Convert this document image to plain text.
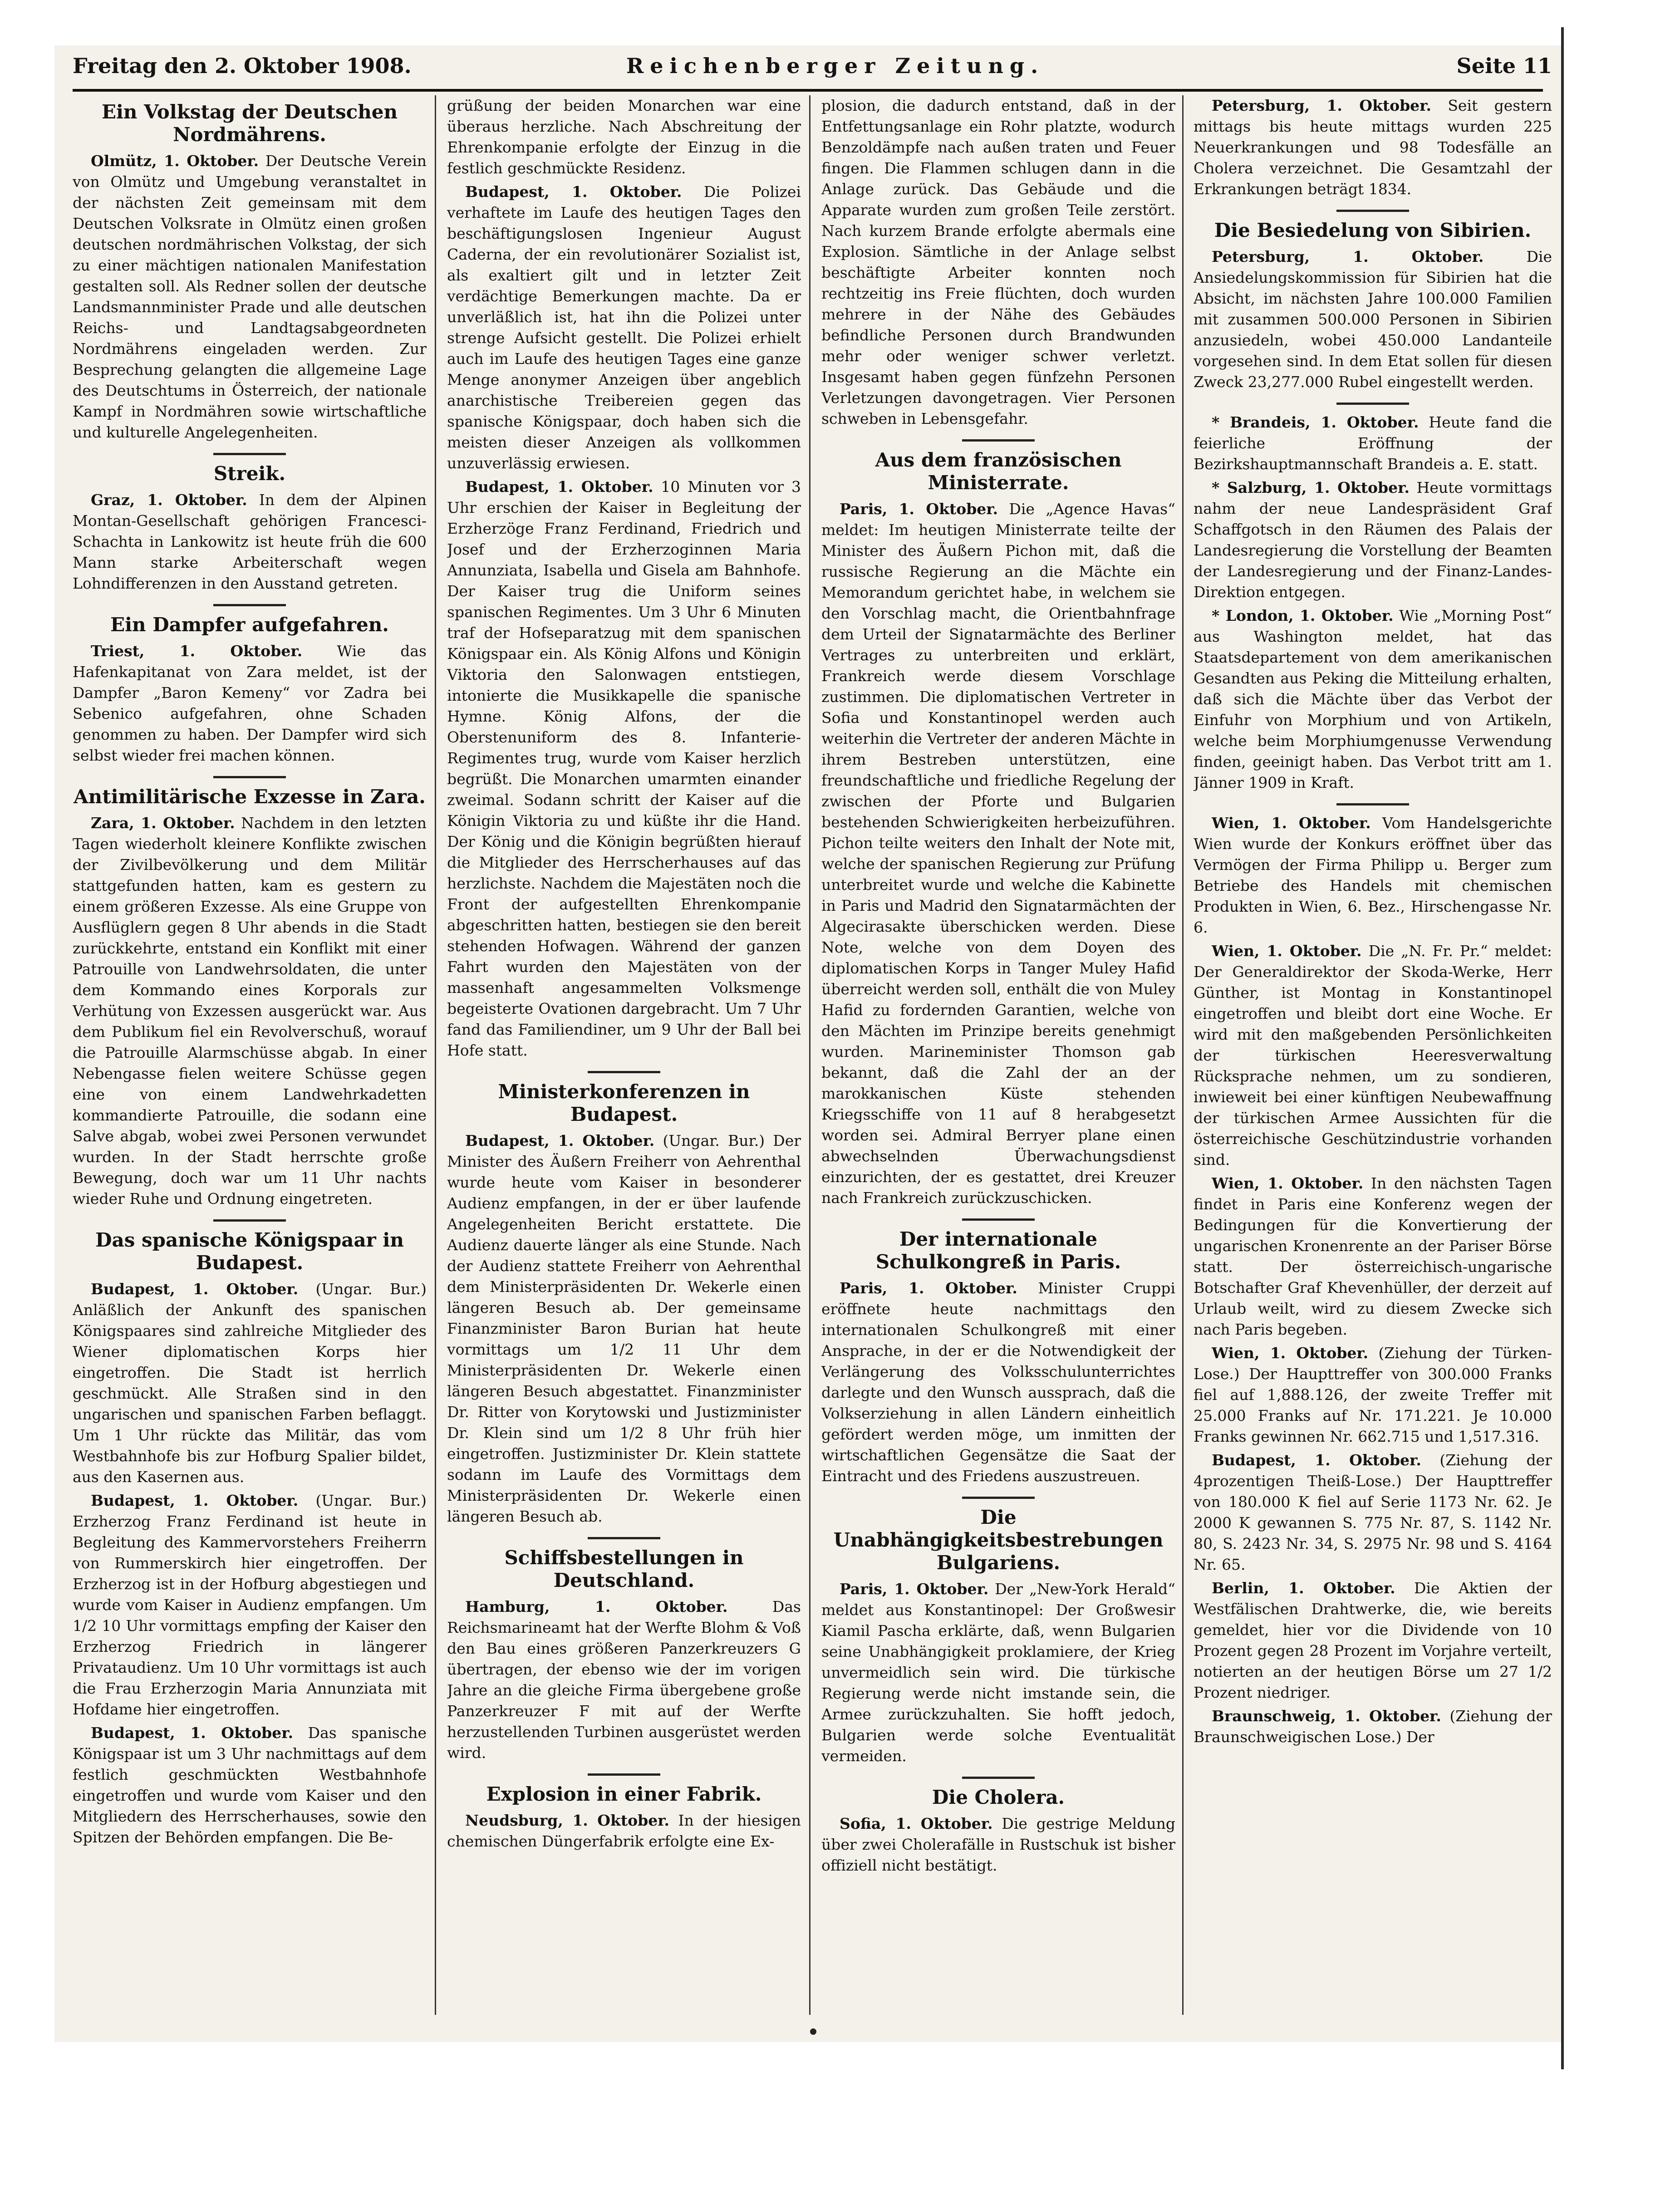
Freitag den 2. Oktober 1908.	Reichenberger Zeitung.	Seite 11
Ein Volkstag der Deutschen Nordmährens.

Olmütz, 1. Oktober. Der Deutsche Verein von Olmütz und Umgebung veranstaltet in der nächsten Zeit gemeinsam mit dem Deutschen Volksrate in Olmütz einen großen deutschen nordmährischen Volkstag, der sich zu einer mächtigen nationalen Manifestation gestalten soll. Als Redner sollen der deutsche Landsmannminister Prade und alle deutschen Reichs- und Landtagsabgeordneten Nordmährens eingeladen werden. Zur Besprechung gelangten die allgemeine Lage des Deutschtums in Österreich, der nationale Kampf in Nordmähren sowie wirtschaftliche und kulturelle Angelegenheiten.

Streik.

Graz, 1. Oktober. In dem der Alpinen Montan-Gesellschaft gehörigen Francesci-Schachta in Lankowitz ist heute früh die 600 Mann starke Arbeiterschaft wegen Lohndifferenzen in den Ausstand getreten.

Ein Dampfer aufgefahren.

Triest, 1. Oktober. Wie das Hafenkapitanat von Zara meldet, ist der Dampfer „Baron Kemeny“ vor Zadra bei Sebenico aufgefahren, ohne Schaden genommen zu haben. Der Dampfer wird sich selbst wieder frei machen können.

Antimilitärische Exzesse in Zara.

Zara, 1. Oktober. Nachdem in den letzten Tagen wiederholt kleinere Konflikte zwischen der Zivilbevölkerung und dem Militär stattgefunden hatten, kam es gestern zu einem größeren Exzesse. Als eine Gruppe von Ausflüglern gegen 8 Uhr abends in die Stadt zurückkehrte, entstand ein Konflikt mit einer Patrouille von Landwehrsoldaten, die unter dem Kommando eines Korporals zur Verhütung von Exzessen ausgerückt war. Aus dem Publikum fiel ein Revolverschuß, worauf die Patrouille Alarmschüsse abgab. In einer Nebengasse fielen weitere Schüsse gegen eine von einem Landwehrkadetten kommandierte Patrouille, die sodann eine Salve abgab, wobei zwei Personen verwundet wurden. In der Stadt herrschte große Bewegung, doch war um 11 Uhr nachts wieder Ruhe und Ordnung eingetreten.

Das spanische Königspaar in Budapest.

Budapest, 1. Oktober. (Ungar. Bur.) Anläßlich der Ankunft des spanischen Königspaares sind zahlreiche Mitglieder des Wiener diplomatischen Korps hier eingetroffen. Die Stadt ist herrlich geschmückt. Alle Straßen sind in den ungarischen und spanischen Farben beflaggt. Um 1 Uhr rückte das Militär, das vom Westbahnhofe bis zur Hofburg Spalier bildet, aus den Kasernen aus.

Budapest, 1. Oktober. (Ungar. Bur.) Erzherzog Franz Ferdinand ist heute in Begleitung des Kammervorstehers Freiherrn von Rummerskirch hier eingetroffen. Der Erzherzog ist in der Hofburg abgestiegen und wurde vom Kaiser in Audienz empfangen. Um 1/2 10 Uhr vormittags empfing der Kaiser den Erzherzog Friedrich in längerer Privataudienz. Um 10 Uhr vormittags ist auch die Frau Erzherzogin Maria Annunziata mit Hofdame hier eingetroffen.

Budapest, 1. Oktober. Das spanische Königspaar ist um 3 Uhr nachmittags auf dem festlich geschmückten Westbahnhofe eingetroffen und wurde vom Kaiser und den Mitgliedern des Herrscherhauses, sowie den Spitzen der Behörden empfangen. Die Be-

grüßung der beiden Monarchen war eine überaus herzliche. Nach Abschreitung der Ehrenkompanie erfolgte der Einzug in die festlich geschmückte Residenz.

Budapest, 1. Oktober. Die Polizei verhaftete im Laufe des heutigen Tages den beschäftigungslosen Ingenieur August Caderna, der ein revolutionärer Sozialist ist, als exaltiert gilt und in letzter Zeit verdächtige Bemerkungen machte. Da er unverläßlich ist, hat ihn die Polizei unter strenge Aufsicht gestellt. Die Polizei erhielt auch im Laufe des heutigen Tages eine ganze Menge anonymer Anzeigen über angeblich anarchistische Treibereien gegen das spanische Königspaar, doch haben sich die meisten dieser Anzeigen als vollkommen unzuverlässig erwiesen.

Budapest, 1. Oktober. 10 Minuten vor 3 Uhr erschien der Kaiser in Begleitung der Erzherzöge Franz Ferdinand, Friedrich und Josef und der Erzherzoginnen Maria Annunziata, Isabella und Gisela am Bahnhofe. Der Kaiser trug die Uniform seines spanischen Regimentes. Um 3 Uhr 6 Minuten traf der Hofseparatzug mit dem spanischen Königspaar ein. Als König Alfons und Königin Viktoria den Salonwagen entstiegen, intonierte die Musikkapelle die spanische Hymne. König Alfons, der die Oberstenuniform des 8. Infanterie-Regimentes trug, wurde vom Kaiser herzlich begrüßt. Die Monarchen umarmten einander zweimal. Sodann schritt der Kaiser auf die Königin Viktoria zu und küßte ihr die Hand. Der König und die Königin begrüßten hierauf die Mitglieder des Herrscherhauses auf das herzlichste. Nachdem die Majestäten noch die Front der aufgestellten Ehrenkompanie abgeschritten hatten, bestiegen sie den bereit stehenden Hofwagen. Während der ganzen Fahrt wurden den Majestäten von der massenhaft angesammelten Volksmenge begeisterte Ovationen dargebracht. Um 7 Uhr fand das Familiendiner, um 9 Uhr der Ball bei Hofe statt.

Ministerkonferenzen in Budapest.

Budapest, 1. Oktober. (Ungar. Bur.) Der Minister des Äußern Freiherr von Aehrenthal wurde heute vom Kaiser in besonderer Audienz empfangen, in der er über laufende Angelegenheiten Bericht erstattete. Die Audienz dauerte länger als eine Stunde. Nach der Audienz stattete Freiherr von Aehrenthal dem Ministerpräsidenten Dr. Wekerle einen längeren Besuch ab. Der gemeinsame Finanzminister Baron Burian hat heute vormittags um 1/2 11 Uhr dem Ministerpräsidenten Dr. Wekerle einen längeren Besuch abgestattet. Finanzminister Dr. Ritter von Korytowski und Justizminister Dr. Klein sind um 1/2 8 Uhr früh hier eingetroffen. Justizminister Dr. Klein stattete sodann im Laufe des Vormittags dem Ministerpräsidenten Dr. Wekerle einen längeren Besuch ab.

Schiffsbestellungen in Deutschland.

Hamburg, 1. Oktober.	Das Reichsmarineamt hat der Werfte Blohm & Voß den Bau eines größeren Panzerkreuzers G übertragen, der ebenso wie der im vorigen Jahre an die gleiche Firma übergebene große Panzerkreuzer F mit auf der Werfte herzustellenden Turbinen ausgerüstet werden wird.

Explosion in einer Fabrik.

Neudsburg, 1. Oktober. In der hiesigen chemischen Düngerfabrik erfolgte eine Ex-

plosion, die dadurch entstand, daß in der Entfettungsanlage ein Rohr platzte, wodurch Benzoldämpfe nach außen traten und Feuer fingen. Die Flammen schlugen dann in die Anlage zurück. Das Gebäude und die Apparate wurden zum großen Teile zerstört. Nach kurzem Brande erfolgte abermals eine Explosion. Sämtliche in der Anlage selbst beschäftigte Arbeiter konnten noch rechtzeitig ins Freie flüchten, doch wurden mehrere in der Nähe des Gebäudes befindliche Personen durch Brandwunden mehr oder weniger schwer verletzt. Insgesamt haben gegen fünfzehn Personen Verletzungen davongetragen. Vier Personen schweben in Lebensgefahr.

Aus dem französischen Ministerrate.

Paris, 1. Oktober. Die „Agence Havas“ meldet: Im heutigen Ministerrate teilte der Minister des Äußern Pichon mit, daß die russische Regierung an die Mächte ein Memorandum gerichtet habe, in welchem sie den Vorschlag macht, die Orientbahnfrage dem Urteil der Signatarmächte des Berliner Vertrages zu unterbreiten und erklärt, Frankreich werde diesem Vorschlage zustimmen. Die diplomatischen Vertreter in Sofia und Konstantinopel werden auch weiterhin die Vertreter der anderen Mächte in ihrem Bestreben unterstützen, eine freundschaftliche und friedliche Regelung der zwischen der Pforte und Bulgarien bestehenden Schwierigkeiten herbeizuführen. Pichon teilte weiters den Inhalt der Note mit, welche der spanischen Regierung zur Prüfung unterbreitet wurde und welche die Kabinette in Paris und Madrid den Signatarmächten der Algecirasakte überschicken werden. Diese Note, welche von dem Doyen des diplomatischen Korps in Tanger Muley Hafid überreicht werden soll, enthält die von Muley Hafid zu fordernden Garantien, welche von den Mächten im Prinzipe bereits genehmigt wurden. Marineminister Thomson gab bekannt, daß die Zahl der an der marokkanischen Küste stehenden Kriegsschiffe von 11 auf 8 herabgesetzt worden sei. Admiral Berryer plane einen abwechselnden Überwachungsdienst einzurichten, der es gestattet, drei Kreuzer nach Frankreich zurückzuschicken.

Der internationale Schulkongreß in Paris.

Paris, 1. Oktober. Minister Cruppi eröffnete heute nachmittags den internationalen Schulkongreß mit einer Ansprache, in der er die Notwendigkeit der Verlängerung des Volksschulunterrichtes darlegte und den Wunsch aussprach, daß die Volkserziehung in allen Ländern einheitlich gefördert werden möge, um inmitten der wirtschaftlichen Gegensätze die Saat der Eintracht und des Friedens auszustreuen.

Die Unabhängigkeitsbestrebungen Bulgariens.

Paris, 1. Oktober. Der „New-York Herald“ meldet aus Konstantinopel: Der Großwesir Kiamil Pascha erklärte, daß, wenn Bulgarien seine Unabhängigkeit proklamiere, der Krieg unvermeidlich sein wird. Die türkische Regierung werde nicht imstande sein, die Armee zurückzuhalten. Sie hofft jedoch, Bulgarien werde solche Eventualität vermeiden.

Die Cholera.

Sofia, 1. Oktober. Die gestrige Meldung über zwei Cholerafälle in Rustschuk ist bisher offiziell nicht bestätigt.

Petersburg, 1. Oktober. Seit gestern mittags bis heute mittags wurden 225 Neuerkrankungen und 98 Todesfälle an Cholera verzeichnet. Die Gesamtzahl der Erkrankungen beträgt 1834.

Die Besiedelung von Sibirien.

Petersburg, 1. Oktober.	Die Ansiedelungskommission für Sibirien hat die Absicht, im nächsten Jahre 100.000 Familien mit zusammen 500.000 Personen in Sibirien anzusiedeln, wobei 450.000 Landanteile vorgesehen sind. In dem Etat sollen für diesen Zweck 23,277.000 Rubel eingestellt werden.

* Brandeis, 1. Oktober. Heute fand die feierliche Eröffnung der Bezirkshauptmannschaft Brandeis a. E. statt.

* Salzburg, 1. Oktober. Heute vormittags nahm der neue Landespräsident Graf Schaffgotsch in den Räumen des Palais der Landesregierung die Vorstellung der Beamten der Landesregierung und der Finanz-Landes-Direktion entgegen.

* London, 1. Oktober. Wie „Morning Post“ aus Washington meldet, hat das Staatsdepartement von dem amerikanischen Gesandten aus Peking die Mitteilung erhalten, daß sich die Mächte über das Verbot der Einfuhr von Morphium und von Artikeln, welche beim Morphiumgenusse Verwendung finden, geeinigt haben. Das Verbot tritt am 1. Jänner 1909 in Kraft.

Wien, 1. Oktober. Vom Handelsgerichte Wien wurde der Konkurs eröffnet über das Vermögen der Firma Philipp u. Berger zum Betriebe des Handels mit chemischen Produkten in Wien, 6. Bez., Hirschengasse Nr. 6.

Wien, 1. Oktober. Die „N. Fr. Pr.“ meldet: Der Generaldirektor der Skoda-Werke, Herr Günther, ist Montag in Konstantinopel eingetroffen und bleibt dort eine Woche. Er wird mit den maßgebenden Persönlichkeiten der türkischen Heeresverwaltung Rücksprache nehmen, um zu sondieren, inwieweit bei einer künftigen Neubewaffnung der türkischen Armee Aussichten für die österreichische Geschützindustrie vorhanden sind.

Wien, 1. Oktober. In den nächsten Tagen findet in Paris eine Konferenz wegen der Bedingungen für die Konvertierung der ungarischen Kronenrente an der Pariser Börse statt. Der österreichisch-ungarische Botschafter Graf Khevenhüller, der derzeit auf Urlaub weilt, wird zu diesem Zwecke sich nach Paris begeben.

Wien, 1. Oktober. (Ziehung der Türken-Lose.) Der Haupttreffer von 300.000 Franks fiel auf 1,888.126, der zweite Treffer mit 25.000 Franks auf Nr. 171.221. Je 10.000 Franks gewinnen Nr. 662.715 und 1,517.316.

Budapest, 1. Oktober. (Ziehung der 4prozentigen Theiß-Lose.) Der Haupttreffer von 180.000 K fiel auf Serie 1173 Nr. 62. Je 2000 K gewannen S. 775 Nr. 87, S. 1142 Nr. 80, S. 2423 Nr. 34, S. 2975 Nr. 98 und S. 4164 Nr. 65.

Berlin, 1. Oktober. Die Aktien der Westfälischen Drahtwerke, die, wie bereits gemeldet, hier vor die Dividende von 10 Prozent gegen 28 Prozent im Vorjahre verteilt, notierten an der heutigen Börse um 27 1/2 Prozent niedriger.

Braunschweig, 1. Oktober. (Ziehung der Braunschweigischen Lose.) Der
